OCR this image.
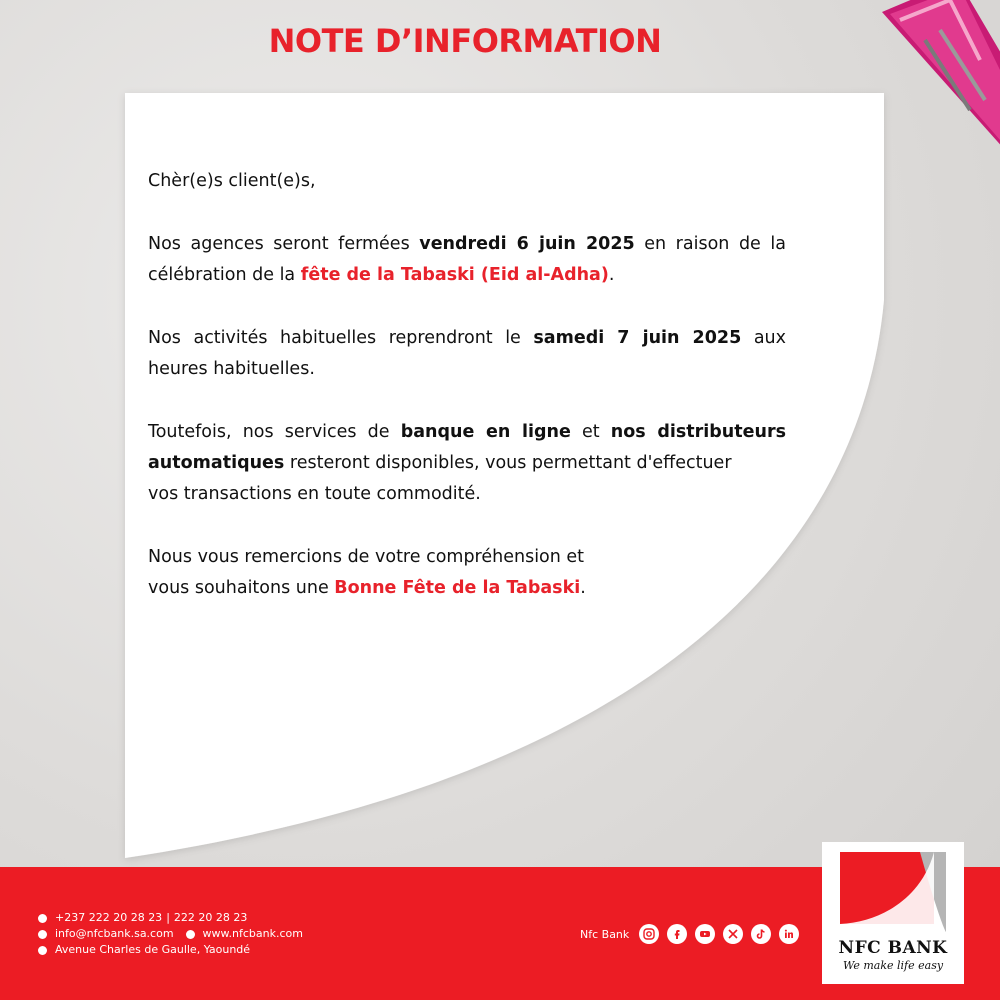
NOTE D’INFORMATION

Chèr(e)s client(e)s,

Nos agences seront fermées vendredi 6 juin 2025 en raison de la célébration de la fête de la Tabaski (Eid al-Adha).

Nos activités habituelles reprendront le samedi 7 juin 2025 aux heures habituelles.

Toutefois, nos services de banque en ligne et nos distributeurs automatiques resteront disponibles, vous permettant d'effectuer
vos transactions en toute commodité.

Nous vous remercions de votre compréhension et
vous souhaitons une Bonne Fête de la Tabaski.

+237 222 20 28 23 | 222 20 28 23
info@nfcbank.sa.com	www.nfcbank.com
Avenue Charles de Gaulle, Yaoundé
Nfc Bank
NFC BANK
We make life easy
